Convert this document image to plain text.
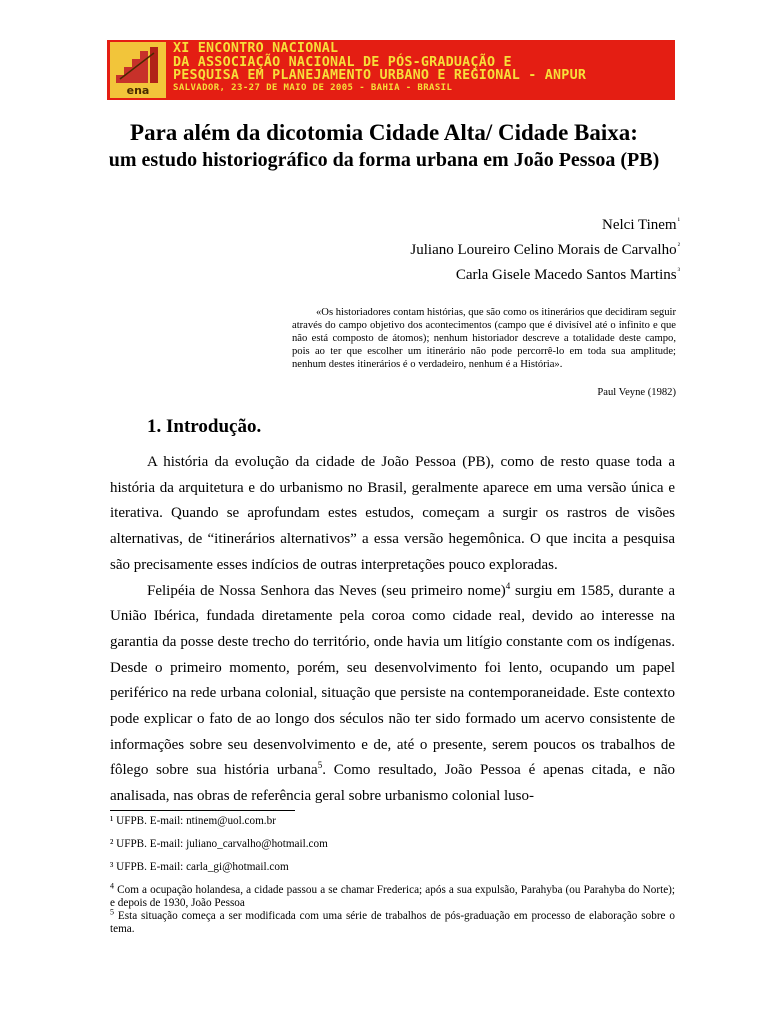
ena
XI ENCONTRO NACIONAL
DA ASSOCIAÇÃO NACIONAL DE PÓS-GRADUAÇÃO E
PESQUISA EM PLANEJAMENTO URBANO E REGIONAL - ANPUR
SALVADOR, 23-27 DE MAIO DE 2005 - BAHIA - BRASIL
Para além da dicotomia Cidade Alta/ Cidade Baixa:
um estudo historiográfico da forma urbana em João Pessoa (PB)
Nelci Tinem$^{^1}$
Juliano Loureiro Celino Morais de Carvalho$^{^2}$
Carla Gisele Macedo Santos Martins$^{^3}$

«Os historiadores contam histórias, que são como os itinerários que decidiram seguir através do campo objetivo dos acontecimentos (campo que é divisível até o infinito e que não está composto de átomos); nenhum historiador descreve a totalidade deste campo, pois ao ter que escolher um itinerário não pode percorrê-lo em toda sua amplitude; nenhum destes itinerários é o verdadeiro, nenhum é a História».

Paul Veyne (1982)
1. Introdução.

A história da evolução da cidade de João Pessoa (PB), como de resto quase toda a história da arquitetura e do urbanismo no Brasil, geralmente aparece em uma versão única e iterativa. Quando se aprofundam estes estudos, começam a surgir os rastros de visões alternativas, de “itinerários alternativos” a essa versão hegemônica. O que incita a pesquisa são precisamente esses indícios de outras interpretações pouco exploradas.

Felipéia de Nossa Senhora das Neves (seu primeiro nome)$^4$ surgiu em 1585, durante a União Ibérica, fundada diretamente pela coroa como cidade real, devido ao interesse na garantia da posse deste trecho do território, onde havia um litígio constante com os indígenas. Desde o primeiro momento, porém, seu desenvolvimento foi lento, ocupando um papel periférico na rede urbana colonial, situação que persiste na contemporaneidade. Este contexto pode explicar o fato de ao longo dos séculos não ter sido formado um acervo consistente de informações sobre seu desenvolvimento e de, até o presente, serem poucos os trabalhos de fôlego sobre sua história urbana$^5$. Como resultado, João Pessoa é apenas citada, e não analisada, nas obras de referência geral sobre urbanismo colonial luso-

¹ UFPB. E-mail: ntinem@uol.com.br

² UFPB. E-mail: juliano_carvalho@hotmail.com

³ UFPB. E-mail: carla_gi@hotmail.com

$^4$ Com a ocupação holandesa, a cidade passou a se chamar Frederica; após a sua expulsão, Parahyba (ou Parahyba do Norte); e depois de 1930, João Pessoa

$^5$ Esta situação começa a ser modificada com uma série de trabalhos de pós-graduação em processo de elaboração sobre o tema.
